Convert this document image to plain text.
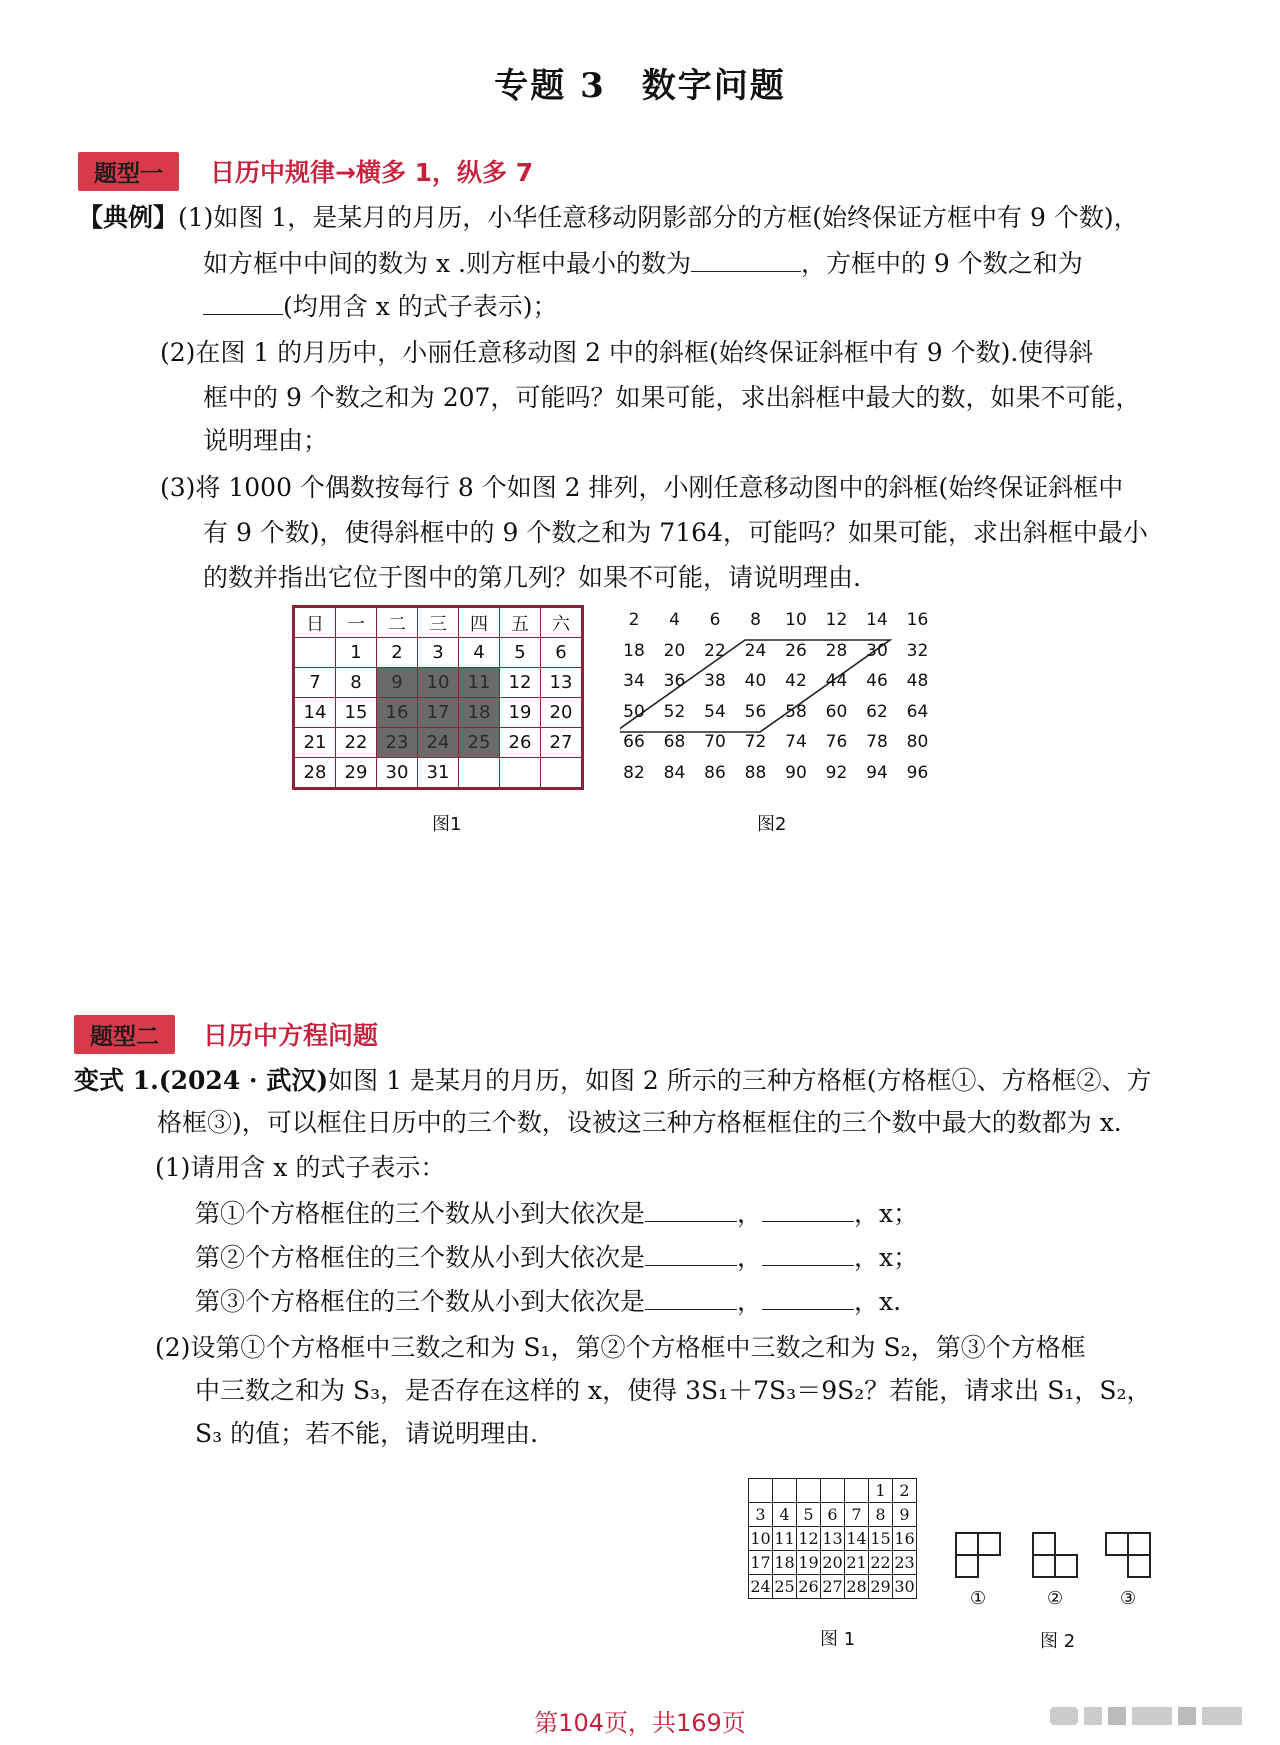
专题 3　数字问题
题型一	日历中规律→横多 1，纵多 7
【典例】(1)如图 1，是某月的月历，小华任意移动阴影部分的方框(始终保证方框中有 9 个数)，
如方框中中间的数为 x .则方框中最小的数为	，方框中的 9 个数之和为
(均用含 x 的式子表示)；
(2)在图 1 的月历中，小丽任意移动图 2 中的斜框(始终保证斜框中有 9 个数).使得斜
框中的 9 个数之和为 207，可能吗？如果可能，求出斜框中最大的数，如果不可能，
说明理由；
(3)将 1000 个偶数按每行 8 个如图 2 排列，小刚任意移动图中的斜框(始终保证斜框中
有 9 个数)，使得斜框中的 9 个数之和为 7164，可能吗？如果可能，求出斜框中最小
的数并指出它位于图中的第几列？如果不可能，请说明理由.
日	一	二	三	四	五	六
	1	2	3	4	5	6
7	8	9	10	11	12	13
14	15	16	17	18	19	20
21	22	23	24	25	26	27
28	29	30	31			
图1
2	4	6	8	10	12	14	16
18	20	22	24	26	28	30	32
34	36	38	40	42	44	46	48
50	52	54	56	58	60	62	64
66	68	70	72	74	76	78	80
82	84	86	88	90	92	94	96
图2
题型二	日历中方程问题
变式 1.(2024 · 武汉)如图 1 是某月的月历，如图 2 所示的三种方格框(方格框①、方格框②、方
格框③)，可以框住日历中的三个数，设被这三种方格框框住的三个数中最大的数都为 x.
(1)请用含 x 的式子表示：
第①个方格框住的三个数从小到大依次是	，	，x；
第②个方格框住的三个数从小到大依次是	，	，x；
第③个方格框住的三个数从小到大依次是	，	，x.
(2)设第①个方格框中三数之和为 S₁，第②个方格框中三数之和为 S₂，第③个方格框
中三数之和为 S₃，是否存在这样的 x，使得 3S₁＋7S₃＝9S₂？若能，请求出 S₁，S₂，
S₃ 的值；若不能，请说明理由.
					1	2
3	4	5	6	7	8	9
10	11	12	13	14	15	16
17	18	19	20	21	22	23
24	25	26	27	28	29	30
图 1
①	②	③
图 2
第104页，共169页
